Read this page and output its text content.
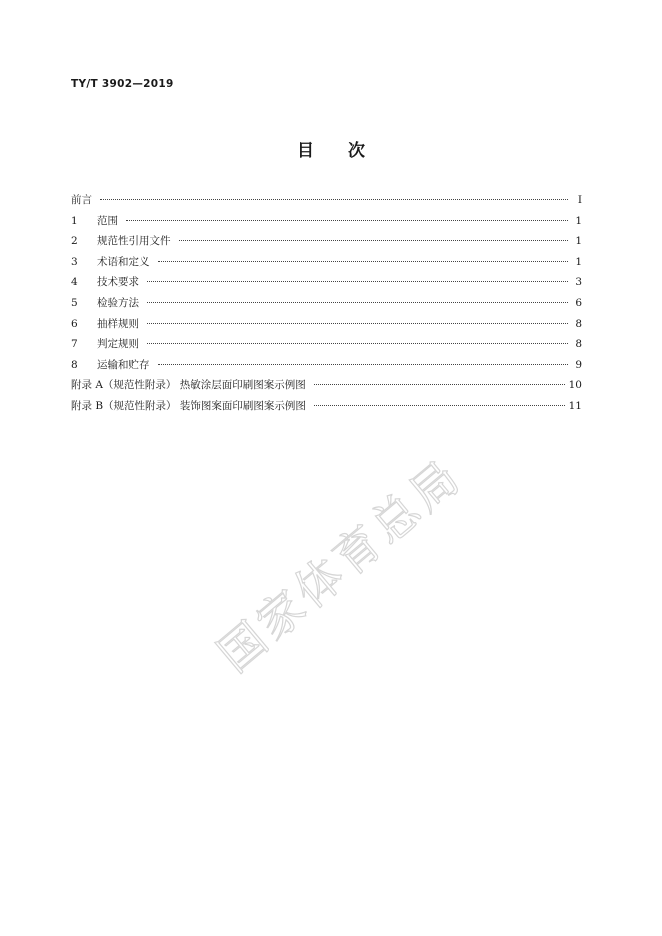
TY/T 3902—2019
目次
前言	I
1	范围	1
2	规范性引用文件	1
3	术语和定义	1
4	技术要求	3
5	检验方法	6
6	抽样规则	8
7	判定规则	8
8	运输和贮存	9
附录 A（规范性附录） 热敏涂层面印刷图案示例图	10
附录 B（规范性附录） 装饰图案面印刷图案示例图	11
国家体育总局
